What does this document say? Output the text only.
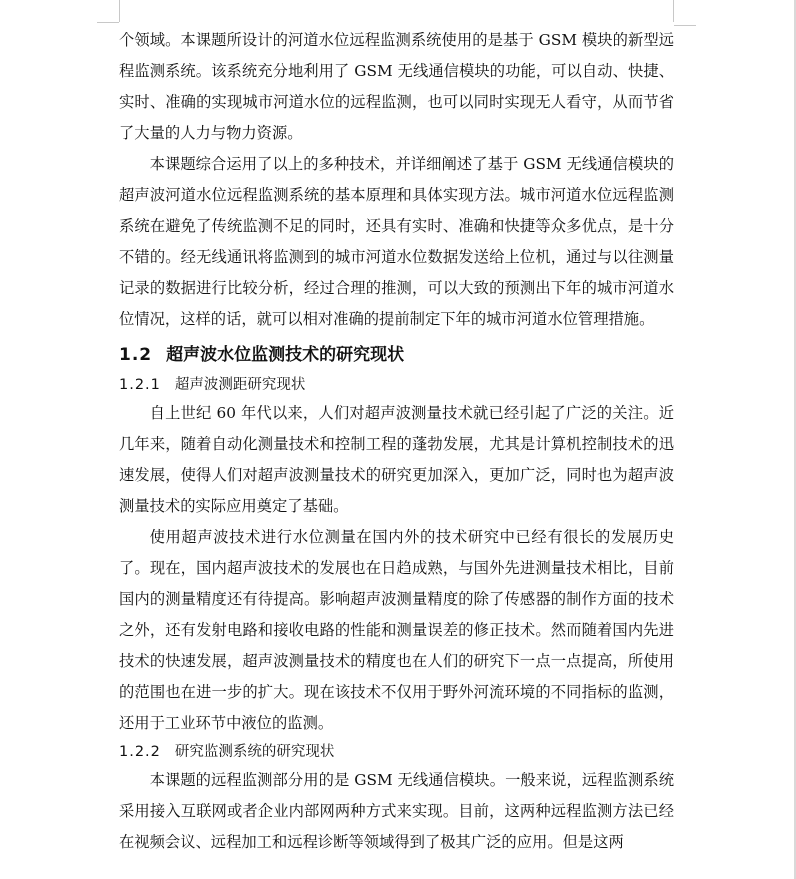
个领域。本课题所设计的河道水位远程监测系统使用的是基于 GSM 模块的新型远程监测系统。该系统充分地利用了 GSM 无线通信模块的功能，可以自动、快捷、实时、准确的实现城市河道水位的远程监测，也可以同时实现无人看守，从而节省了大量的人力与物力资源。

本课题综合运用了以上的多种技术，并详细阐述了基于 GSM 无线通信模块的超声波河道水位远程监测系统的基本原理和具体实现方法。城市河道水位远程监测系统在避免了传统监测不足的同时，还具有实时、准确和快捷等众多优点，是十分不错的。经无线通讯将监测到的城市河道水位数据发送给上位机，通过与以往测量记录的数据进行比较分析，经过合理的推测，可以大致的预测出下年的城市河道水位情况，这样的话，就可以相对准确的提前制定下年的城市河道水位管理措施。

1.2 超声波水位监测技术的研究现状
1.2.1 超声波测距研究现状

自上世纪 60 年代以来，人们对超声波测量技术就已经引起了广泛的关注。近几年来，随着自动化测量技术和控制工程的蓬勃发展，尤其是计算机控制技术的迅速发展，使得人们对超声波测量技术的研究更加深入，更加广泛，同时也为超声波测量技术的实际应用奠定了基础。

使用超声波技术进行水位测量在国内外的技术研究中已经有很长的发展历史了。现在，国内超声波技术的发展也在日趋成熟，与国外先进测量技术相比，目前国内的测量精度还有待提高。影响超声波测量精度的除了传感器的制作方面的技术之外，还有发射电路和接收电路的性能和测量误差的修正技术。然而随着国内先进技术的快速发展，超声波测量技术的精度也在人们的研究下一点一点提高，所使用的范围也在进一步的扩大。现在该技术不仅用于野外河流环境的不同指标的监测，还用于工业环节中液位的监测。

1.2.2 研究监测系统的研究现状

本课题的远程监测部分用的是 GSM 无线通信模块。一般来说，远程监测系统采用接入互联网或者企业内部网两种方式来实现。目前，这两种远程监测方法已经在视频会议、远程加工和远程诊断等领域得到了极其广泛的应用。但是这两
